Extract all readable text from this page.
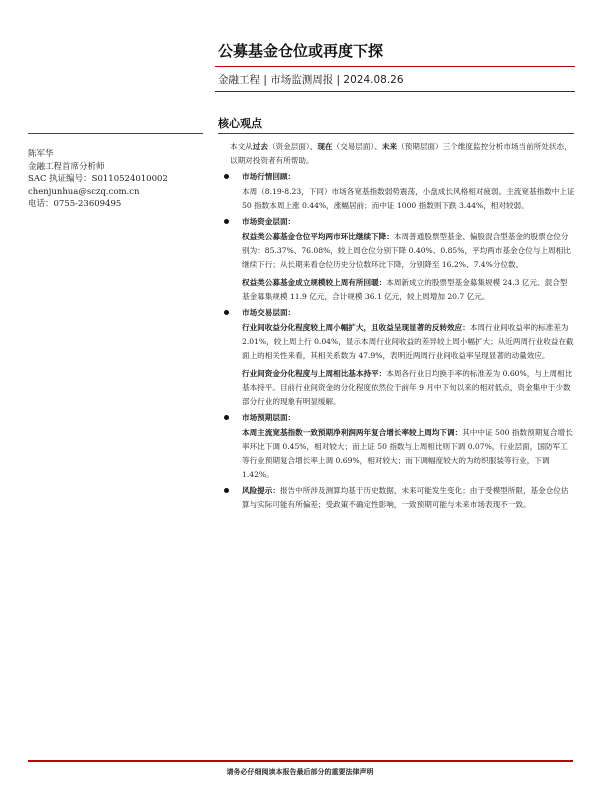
公募基金仓位或再度下探
金融工程 | 市场监测周报 | 2024.08.26
核心观点
陈军华
金融工程首席分析师
SAC 执证编号：S0110524010002
chenjunhua@sczq.com.cn
电话：0755-23609495

本文从过去（资金层面）、现在（交易层面）、未来（预期层面）三个维度监控分析市场当前所处状态，以期对投资者有所帮助。

市场行情回顾：

本周（8.19-8.23，下同）市场各宽基指数弱势震荡，小盘成长风格相对疲弱。主流宽基指数中上证 50 指数本周上涨 0.44%，涨幅居前；而中证 1000 指数则下跌 3.44%，相对较弱。

市场资金层面：

权益类公募基金仓位平均两市环比继续下降：本周普通股票型基金、偏股混合型基金的股票仓位分别为：85.37%、76.08%，较上周仓位分别下降 0.40%、0.85%，平均两市基金仓位与上周相比继续下行；从长期来看仓位历史分位数环比下降，分别降至 16.2%、7.4%分位数。

权益类公募基金成立规模较上周有所回暖：本周新成立的股票型基金募集规模 24.3 亿元、混合型基金募集规模 11.9 亿元，合计规模 36.1 亿元，较上周增加 20.7 亿元。

市场交易层面：

行业间收益分化程度较上周小幅扩大，且收益呈现显著的反转效应：本周行业间收益率的标准差为 2.01%，较上周上行 0.04%，显示本周行业间收益的差异较上周小幅扩大；从近两周行业收益在截面上的相关性来看，其相关系数为 47.9%，表明近两周行业间收益率呈现显著的动量效应。

行业间资金分化程度与上周相比基本持平：本周各行业日均换手率的标准差为 0.60%，与上周相比基本持平。目前行业间资金的分化程度依然位于前年 9 月中下旬以来的相对低点，资金集中于少数部分行业的现象有明显缓解。

市场预期层面：

本周主流宽基指数一致预期净利润两年复合增长率较上周均下调：其中中证 500 指数预期复合增长率环比下调 0.45%，相对较大；而上证 50 指数与上周相比则下调 0.07%。行业层面，国防军工等行业预期复合增长率上调 0.69%，相对较大；而下调幅度较大的为纺织服装等行业，下调 1.42%。

风险提示：报告中所涉及测算均基于历史数据，未来可能发生变化；由于受模型所限，基金仓位估算与实际可能有所偏差；受政策不确定性影响，一致预期可能与未来市场表现不一致。

请务必仔细阅读本报告最后部分的重要法律声明
